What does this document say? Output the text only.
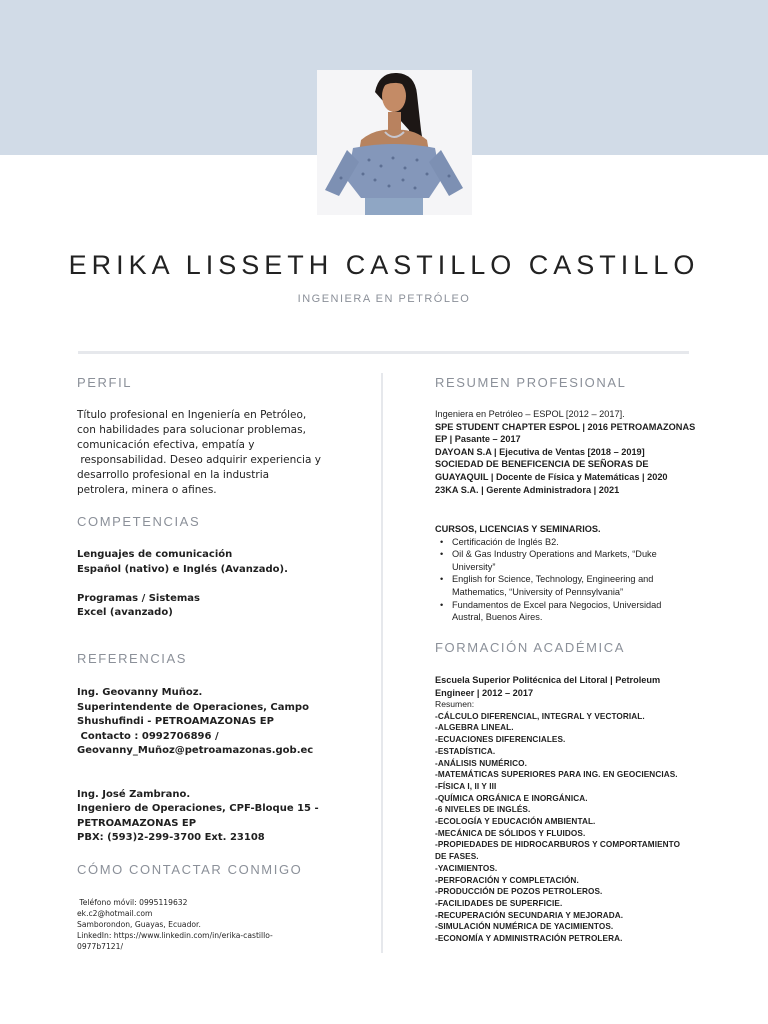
ERIKA LISSETH CASTILLO CASTILLO
INGENIERA EN PETRÓLEO
PERFIL
Título profesional en Ingeniería en Petróleo,
con habilidades para solucionar problemas,
comunicación efectiva, empatía y
responsabilidad. Deseo adquirir experiencia y
desarrollo profesional en la industria
petrolera, minera o afines.
COMPETENCIAS
Lenguajes de comunicación
Español (nativo) e Inglés (Avanzado).
Programas / Sistemas
Excel (avanzado)
REFERENCIAS
Ing. Geovanny Muñoz.
Superintendente de Operaciones, Campo
Shushufindi - PETROAMAZONAS EP
Contacto : 0992706896 /
Geovanny_Muñoz@petroamazonas.gob.ec
Ing. José Zambrano.
Ingeniero de Operaciones, CPF-Bloque 15 -
PETROAMAZONAS EP
PBX: (593)2-299-3700 Ext. 23108
CÓMO CONTACTAR CONMIGO
Teléfono móvil: 0995119632
ek.c2@hotmail.com
Samborondon, Guayas, Ecuador.
LinkedIn: https://www.linkedin.com/in/erika-castillo-
0977b7121/
RESUMEN PROFESIONAL
Ingeniera en Petróleo – ESPOL [2012 – 2017].
SPE STUDENT CHAPTER ESPOL | 2016 PETROAMAZONAS
EP | Pasante – 2017
DAYOAN S.A | Ejecutiva de Ventas [2018 – 2019]
SOCIEDAD DE BENEFICENCIA DE SEÑORAS DE
GUAYAQUIL | Docente de Física y Matemáticas | 2020
23KA S.A. | Gerente Administradora | 2021
CURSOS, LICENCIAS Y SEMINARIOS.
• Certificación de Inglés B2.
• Oil & Gas Industry Operations and Markets, “Duke
University”
• English for Science, Technology, Engineering and
Mathematics, “University of Pennsylvania”
• Fundamentos de Excel para Negocios, Universidad
Austral, Buenos Aires.
FORMACIÓN ACADÉMICA
Escuela Superior Politécnica del Litoral | Petroleum
Engineer | 2012 – 2017
Resumen:
-CÁLCULO DIFERENCIAL, INTEGRAL Y VECTORIAL.
-ALGEBRA LINEAL.
-ECUACIONES DIFERENCIALES.
-ESTADÍSTICA.
-ANÁLISIS NUMÉRICO.
-MATEMÁTICAS SUPERIORES PARA ING. EN GEOCIENCIAS.
-FÍSICA I, II Y III
-QUÍMICA ORGÁNICA E INORGÁNICA.
-6 NIVELES DE INGLÉS.
-ECOLOGÍA Y EDUCACIÓN AMBIENTAL.
-MECÁNICA DE SÓLIDOS Y FLUIDOS.
-PROPIEDADES DE HIDROCARBUROS Y COMPORTAMIENTO
DE FASES.
-YACIMIENTOS.
-PERFORACIÓN Y COMPLETACIÓN.
-PRODUCCIÓN DE POZOS PETROLEROS.
-FACILIDADES DE SUPERFICIE.
-RECUPERACIÓN SECUNDARIA Y MEJORADA.
-SIMULACIÓN NUMÉRICA DE YACIMIENTOS.
-ECONOMÍA Y ADMINISTRACIÓN PETROLERA.
